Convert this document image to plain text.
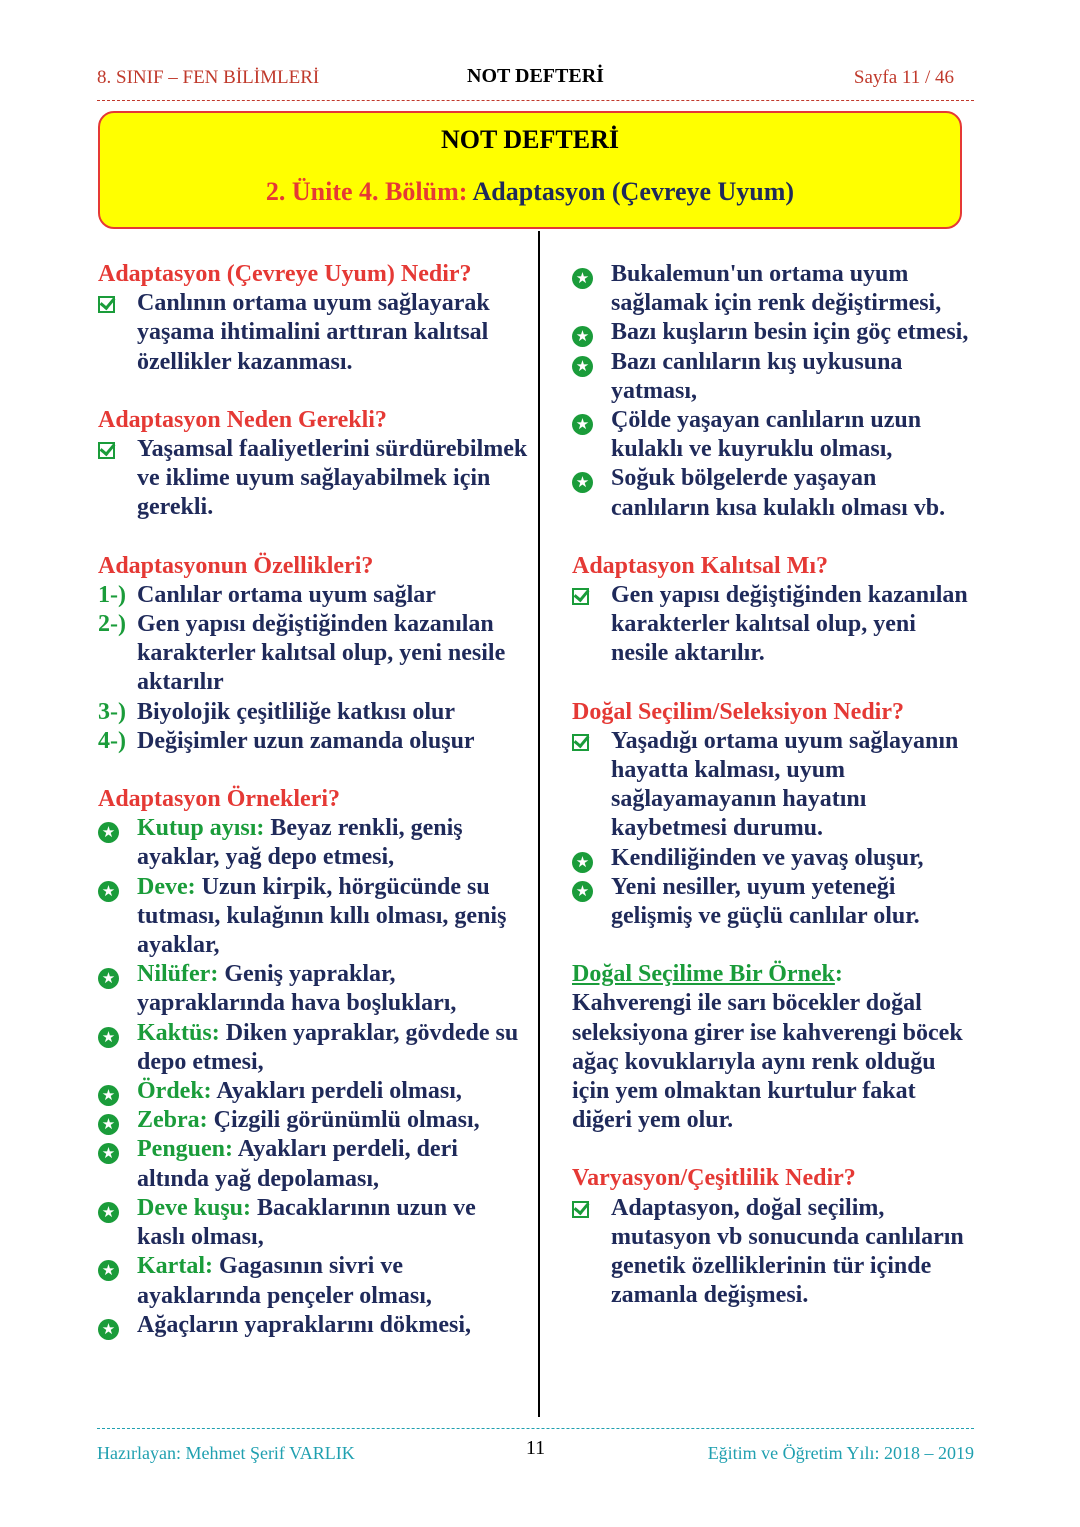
8. SINIF – FEN BİLİMLERİ	NOT DEFTERİ	Sayfa 11 / 46
NOT DEFTERİ
2. Ünite 4. Bölüm: Adaptasyon (Çevreye Uyum)
Adaptasyon (Çevreye Uyum) Nedir?
Canlının ortama uyum sağlayarak yaşama ihtimalini arttıran kalıtsal özellikler kazanması.
Adaptasyon Neden Gerekli?
Yaşamsal faaliyetlerini sürdürebilmek ve iklime uyum sağlayabilmek için gerekli.
Adaptasyonun Özellikleri?
1-) Canlılar ortama uyum sağlar
2-) Gen yapısı değiştiğinden kazanılan karakterler kalıtsal olup, yeni nesile aktarılır
3-) Biyolojik çeşitliliğe katkısı olur
4-) Değişimler uzun zamanda oluşur
Adaptasyon Örnekleri?
★ Kutup ayısı: Beyaz renkli, geniş ayaklar, yağ depo etmesi,
★ Deve: Uzun kirpik, hörgücünde su tutması, kulağının kıllı olması, geniş ayaklar,
★ Nilüfer: Geniş yapraklar, yapraklarında hava boşlukları,
★ Kaktüs: Diken yapraklar, gövdede su depo etmesi,
★ Ördek: Ayakları perdeli olması,
★ Zebra: Çizgili görünümlü olması,
★ Penguen: Ayakları perdeli, deri altında yağ depolaması,
★ Deve kuşu: Bacaklarının uzun ve kaslı olması,
★ Kartal: Gagasının sivri ve ayaklarında pençeler olması,
★ Ağaçların yapraklarını dökmesi,
★ Bukalemun'un ortama uyum sağlamak için renk değiştirmesi,
★ Bazı kuşların besin için göç etmesi,
★ Bazı canlıların kış uykusuna yatması,
★ Çölde yaşayan canlıların uzun kulaklı ve kuyruklu olması,
★ Soğuk bölgelerde yaşayan canlıların kısa kulaklı olması vb.
Adaptasyon Kalıtsal Mı?
Gen yapısı değiştiğinden kazanılan karakterler kalıtsal olup, yeni nesile aktarılır.
Doğal Seçilim/Seleksiyon Nedir?
Yaşadığı ortama uyum sağlayanın hayatta kalması, uyum sağlayamayanın hayatını kaybetmesi durumu.
★ Kendiliğinden ve yavaş oluşur,
★ Yeni nesiller, uyum yeteneği gelişmiş ve güçlü canlılar olur.
Doğal Seçilime Bir Örnek:
Kahverengi ile sarı böcekler doğal seleksiyona girer ise kahverengi böcek ağaç kovuklarıyla aynı renk olduğu için yem olmaktan kurtulur fakat diğeri yem olur.
Varyasyon/Çeşitlilik Nedir?
Adaptasyon, doğal seçilim, mutasyon vb sonucunda canlıların genetik özelliklerinin tür içinde zamanla değişmesi.
Hazırlayan: Mehmet Şerif VARLIK	11	Eğitim ve Öğretim Yılı: 2018 – 2019
